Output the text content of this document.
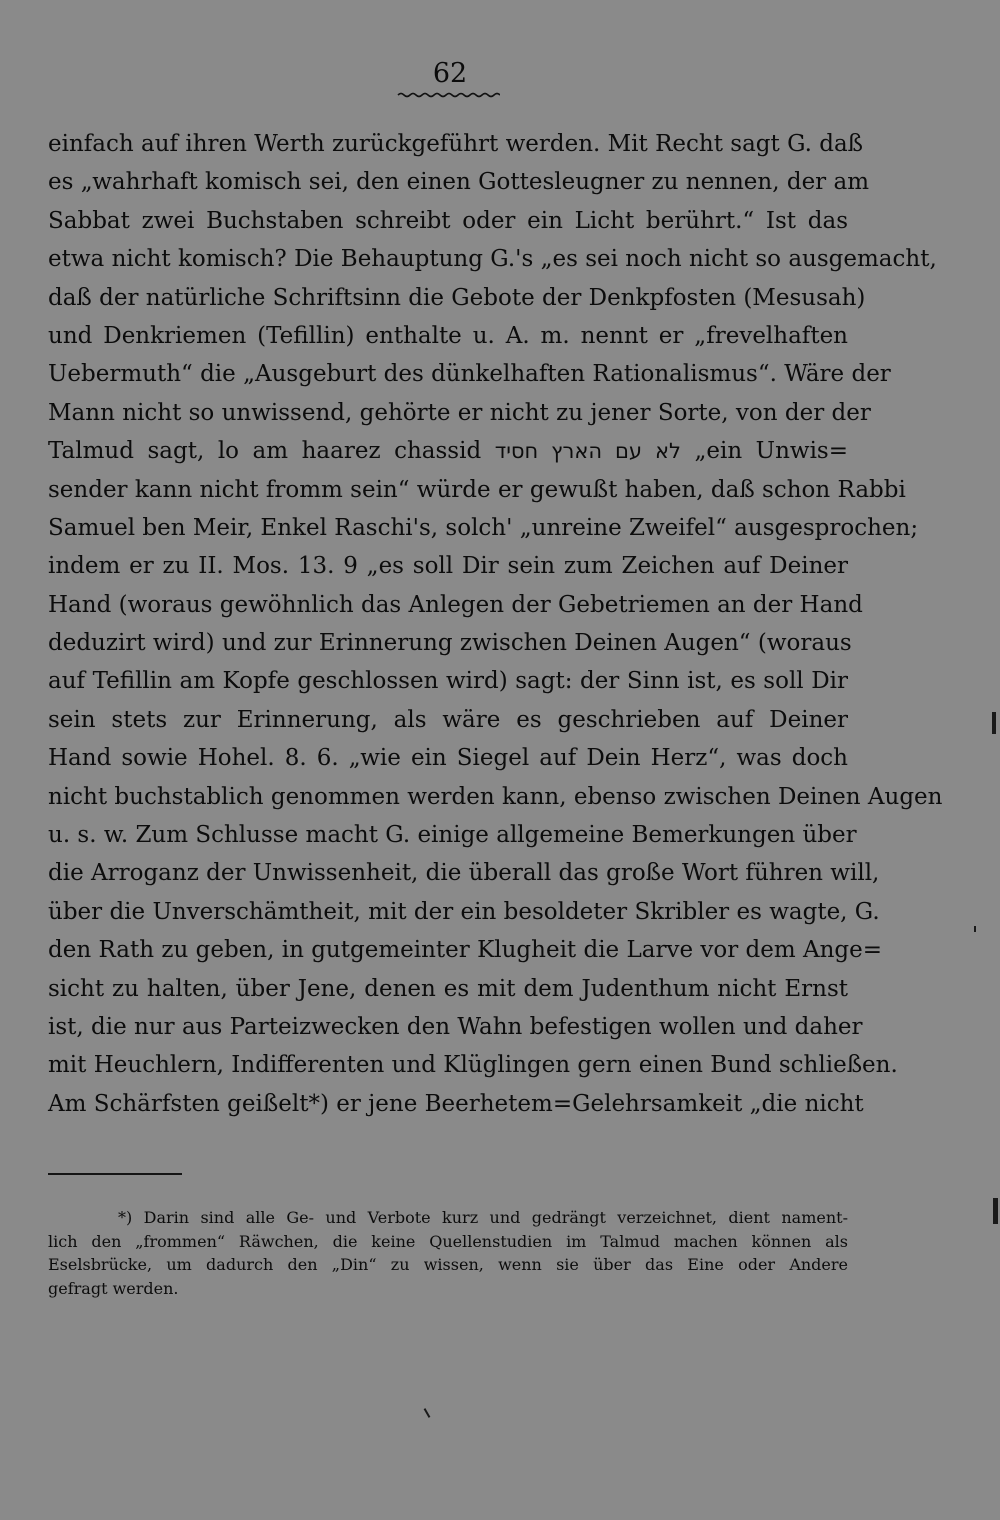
62
einfach auf ihren Werth zurückgeführt werden. Mit Recht sagt G. daß
es „wahrhaft komisch sei, den einen Gottesleugner zu nennen, der am
Sabbat zwei Buchstaben schreibt oder ein Licht berührt.“ Ist das
etwa nicht komisch? Die Behauptung G.'s „es sei noch nicht so ausgemacht,
daß der natürliche Schriftsinn die Gebote der Denkpfosten (Mesusah)
und Denkriemen (Tefillin) enthalte u. A. m. nennt er „frevelhaften
Uebermuth“ die „Ausgeburt des dünkelhaften Rationalismus“. Wäre der
Mann nicht so unwissend, gehörte er nicht zu jener Sorte, von der der
Talmud sagt, lo am haarez chassid לא עם הארץ חסיד „ein Unwis=
sender kann nicht fromm sein“ würde er gewußt haben, daß schon Rabbi
Samuel ben Meir, Enkel Raschi's, solch' „unreine Zweifel“ ausgesprochen;
indem er zu II. Mos. 13. 9 „es soll Dir sein zum Zeichen auf Deiner
Hand (woraus gewöhnlich das Anlegen der Gebetriemen an der Hand
deduzirt wird) und zur Erinnerung zwischen Deinen Augen“ (woraus
auf Tefillin am Kopfe geschlossen wird) sagt: der Sinn ist, es soll Dir
sein stets zur Erinnerung, als wäre es geschrieben auf Deiner
Hand sowie Hohel. 8. 6. „wie ein Siegel auf Dein Herz“, was doch
nicht buchstablich genommen werden kann, ebenso zwischen Deinen Augen
u. s. w. Zum Schlusse macht G. einige allgemeine Bemerkungen über
die Arroganz der Unwissenheit, die überall das große Wort führen will,
über die Unverschämtheit, mit der ein besoldeter Skribler es wagte, G.
den Rath zu geben, in gutgemeinter Klugheit die Larve vor dem Ange=
sicht zu halten, über Jene, denen es mit dem Judenthum nicht Ernst
ist, die nur aus Parteizwecken den Wahn befestigen wollen und daher
mit Heuchlern, Indifferenten und Klüglingen gern einen Bund schließen.
Am Schärfsten geißelt*) er jene Beerhetem=Gelehrsamkeit „die nicht
*) Darin sind alle Ge- und Verbote kurz und gedrängt verzeichnet, dient nament-
lich den „frommen“ Räwchen, die keine Quellenstudien im Talmud machen können als
Eselsbrücke, um dadurch den „Din“ zu wissen, wenn sie über das Eine oder Andere
gefragt werden.
